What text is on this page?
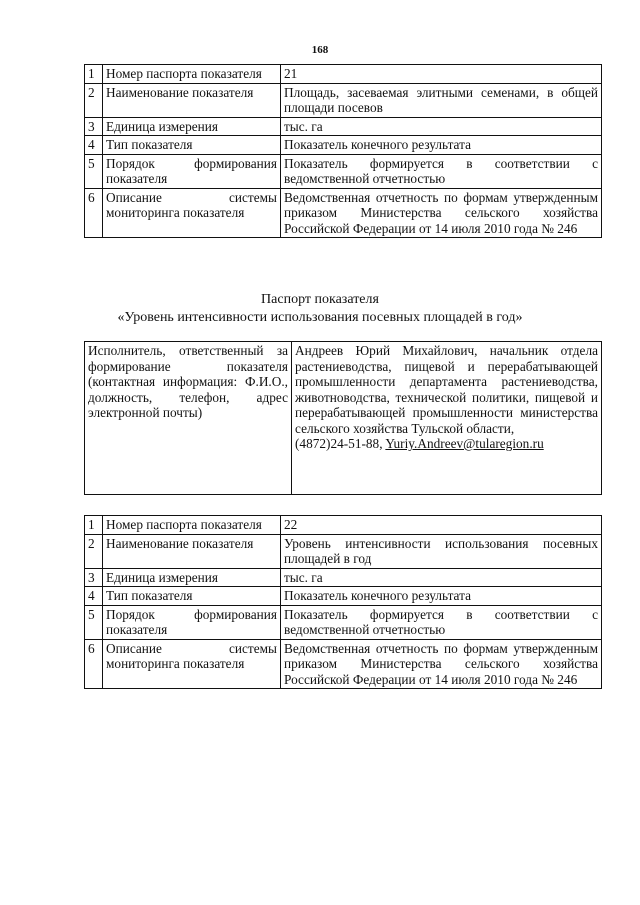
168
1	Номер паспорта показателя	21
2	Наименование показателя	Площадь, засеваемая элитными семенами, в общей площади посевов
3	Единица измерения	тыс. га
4	Тип показателя	Показатель конечного результата
5	Порядок формирования показателя	Показатель формируется в соответствии с ведомственной отчетностью
6	Описание системы мониторинга показателя	Ведомственная отчетность по формам утвержденным приказом Министерства сельского хозяйства Российской Федерации от 14 июля 2010 года № 246
Паспорт показателя
«Уровень интенсивности использования посевных площадей в год»
Исполнитель, ответственный за формирование показателя (контактная информация: Ф.И.О., должность, телефон, адрес электронной почты)	Андреев Юрий Михайлович, начальник отдела растениеводства, пищевой и перерабатывающей промышленности департамента растениеводства, животноводства, технической политики, пищевой и перерабатывающей промышленности министерства сельского хозяйства Тульской области,
(4872)24-51-88, Yuriy.Andreev@tularegion.ru
1	Номер паспорта показателя	22
2	Наименование показателя	Уровень интенсивности использования посевных площадей в год
3	Единица измерения	тыс. га
4	Тип показателя	Показатель конечного результата
5	Порядок формирования показателя	Показатель формируется в соответствии с ведомственной отчетностью
6	Описание системы мониторинга показателя	Ведомственная отчетность по формам утвержденным приказом Министерства сельского хозяйства Российской Федерации от 14 июля 2010 года № 246
